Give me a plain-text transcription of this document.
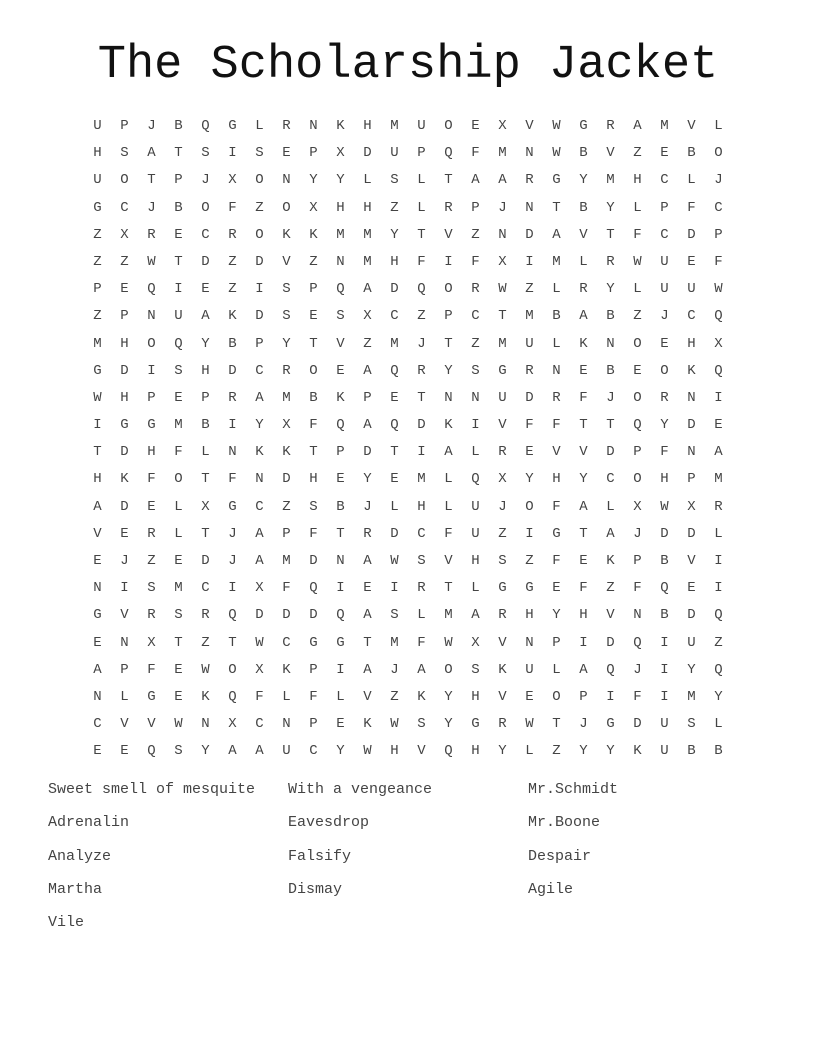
The Scholarship Jacket
U	P	J	B	Q	G	L	R	N	K	H	M	U	O	E	X	V	W	G	R	A	M	V	L
H	S	A	T	S	I	S	E	P	X	D	U	P	Q	F	M	N	W	B	V	Z	E	B	O
U	O	T	P	J	X	O	N	Y	Y	L	S	L	T	A	A	R	G	Y	M	H	C	L	J
G	C	J	B	O	F	Z	O	X	H	H	Z	L	R	P	J	N	T	B	Y	L	P	F	C
Z	X	R	E	C	R	O	K	K	M	M	Y	T	V	Z	N	D	A	V	T	F	C	D	P
Z	Z	W	T	D	Z	D	V	Z	N	M	H	F	I	F	X	I	M	L	R	W	U	E	F
P	E	Q	I	E	Z	I	S	P	Q	A	D	Q	O	R	W	Z	L	R	Y	L	U	U	W
Z	P	N	U	A	K	D	S	E	S	X	C	Z	P	C	T	M	B	A	B	Z	J	C	Q
M	H	O	Q	Y	B	P	Y	T	V	Z	M	J	T	Z	M	U	L	K	N	O	E	H	X
G	D	I	S	H	D	C	R	O	E	A	Q	R	Y	S	G	R	N	E	B	E	O	K	Q
W	H	P	E	P	R	A	M	B	K	P	E	T	N	N	U	D	R	F	J	O	R	N	I
I	G	G	M	B	I	Y	X	F	Q	A	Q	D	K	I	V	F	F	T	T	Q	Y	D	E
T	D	H	F	L	N	K	K	T	P	D	T	I	A	L	R	E	V	V	D	P	F	N	A
H	K	F	O	T	F	N	D	H	E	Y	E	M	L	Q	X	Y	H	Y	C	O	H	P	M
A	D	E	L	X	G	C	Z	S	B	J	L	H	L	U	J	O	F	A	L	X	W	X	R
V	E	R	L	T	J	A	P	F	T	R	D	C	F	U	Z	I	G	T	A	J	D	D	L
E	J	Z	E	D	J	A	M	D	N	A	W	S	V	H	S	Z	F	E	K	P	B	V	I
N	I	S	M	C	I	X	F	Q	I	E	I	R	T	L	G	G	E	F	Z	F	Q	E	I
G	V	R	S	R	Q	D	D	D	Q	A	S	L	M	A	R	H	Y	H	V	N	B	D	Q
E	N	X	T	Z	T	W	C	G	G	T	M	F	W	X	V	N	P	I	D	Q	I	U	Z
A	P	F	E	W	O	X	K	P	I	A	J	A	O	S	K	U	L	A	Q	J	I	Y	Q
N	L	G	E	K	Q	F	L	F	L	V	Z	K	Y	H	V	E	O	P	I	F	I	M	Y
C	V	V	W	N	X	C	N	P	E	K	W	S	Y	G	R	W	T	J	G	D	U	S	L
E	E	Q	S	Y	A	A	U	C	Y	W	H	V	Q	H	Y	L	Z	Y	Y	K	U	B	B
Sweet smell of mesquite	With a vengeance	Mr.Schmidt
Adrenalin	Eavesdrop	Mr.Boone
Analyze	Falsify	Despair
Martha	Dismay	Agile
Vile
